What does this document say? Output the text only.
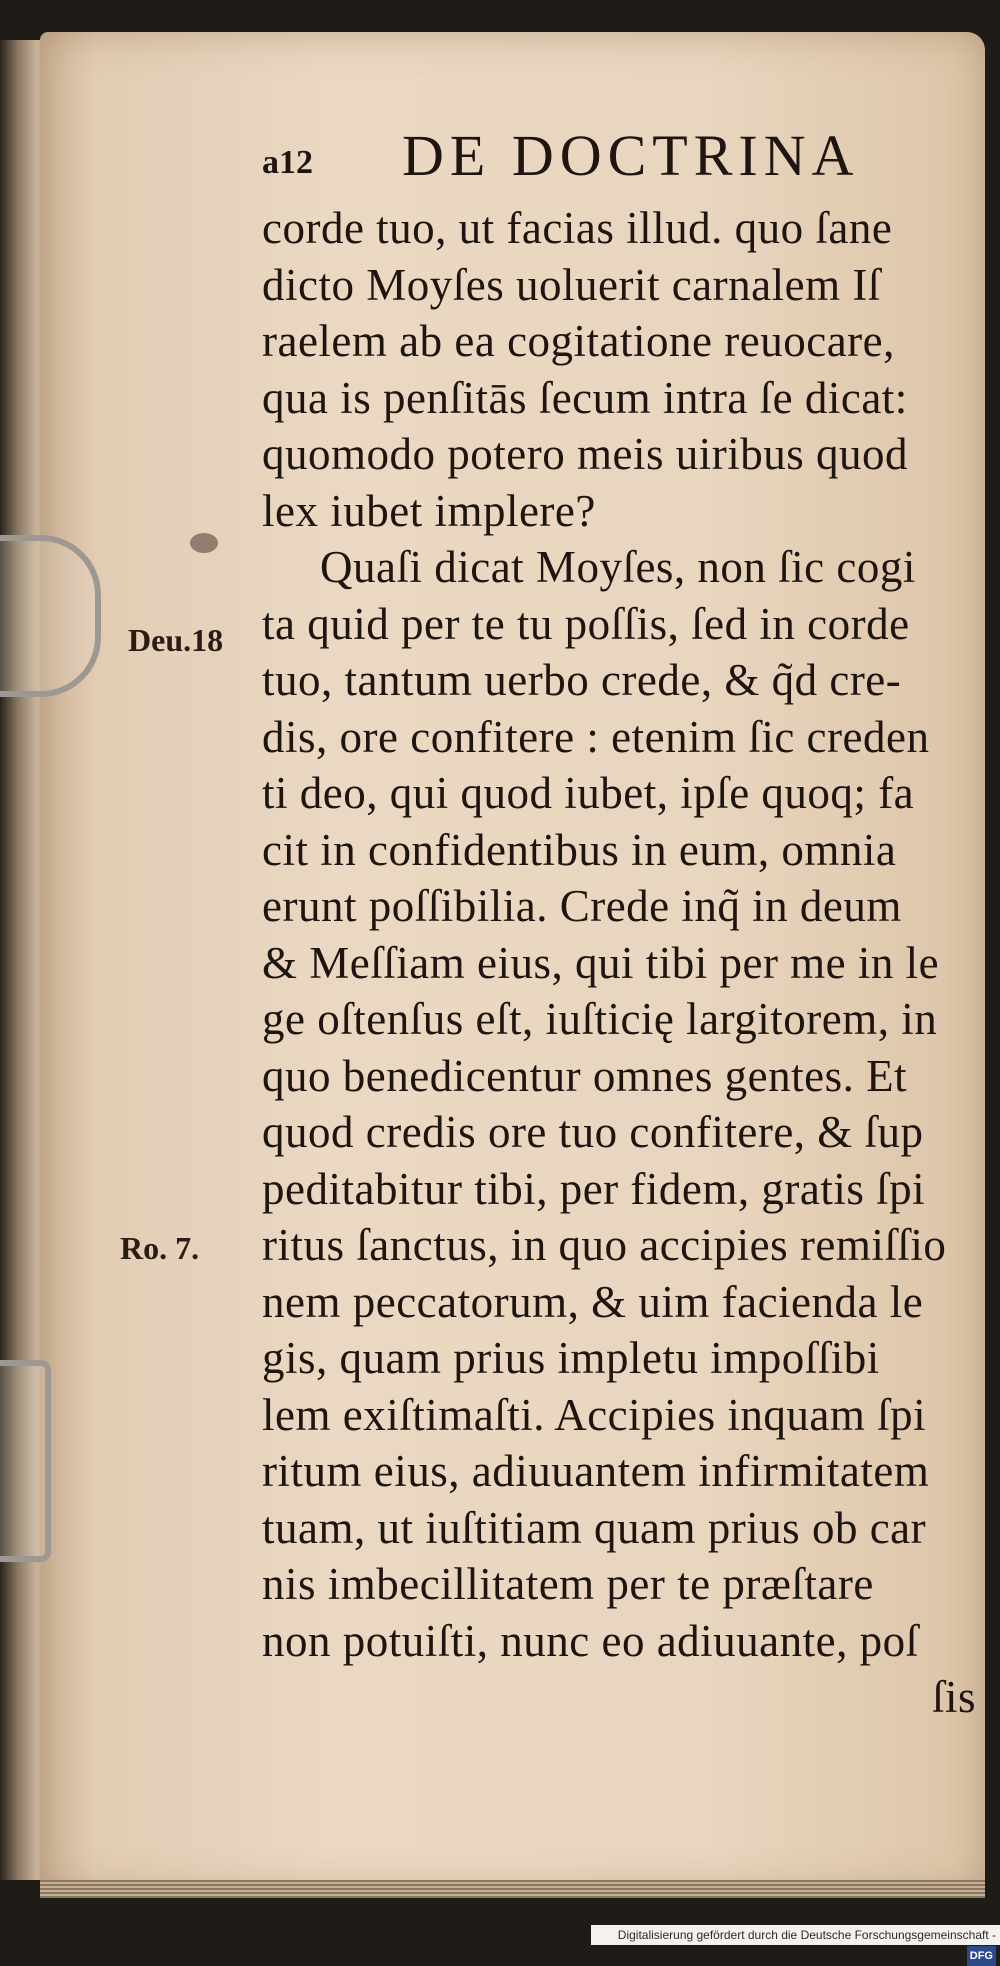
a12 DE DOCTRINA
Deu.18
Ro. 7.
corde tuo, ut facias illud. quo ſane
dicto Moyſes uoluerit carnalem Iſ
raelem ab ea cogitatione reuocare,
qua is penſitās ſecum intra ſe dicat:
quomodo potero meis uiribus quod
lex iubet implere?
Quaſi dicat Moyſes, non ſic cogi
ta quid per te tu poſſis, ſed in corde
tuo, tantum uerbo crede, & q̃d cre-
dis, ore confitere : etenim ſic creden
ti deo, qui quod iubet, ipſe quoq; fa
cit in confidentibus in eum, omnia
erunt poſſibilia. Crede inq̃ in deum
& Meſſiam eius, qui tibi per me in le
ge oſtenſus eſt, iuſticię largitorem, in
quo benedicentur omnes gentes. Et
quod credis ore tuo confitere, & ſup
peditabitur tibi, per fidem, gratis ſpi
ritus ſanctus, in quo accipies remiſſio
nem peccatorum, & uim facienda le
gis, quam prius impletu impoſſibi
lem exiſtimaſti. Accipies inquam ſpi
ritum eius, adiuuantem infirmitatem
tuam, ut iuſtitiam quam prius ob car
nis imbecillitatem per te præſtare
non potuiſti, nunc eo adiuuante, poſ
ſis
Digitalisierung gefördert durch die Deutsche Forschungsgemeinschaft -DFG
